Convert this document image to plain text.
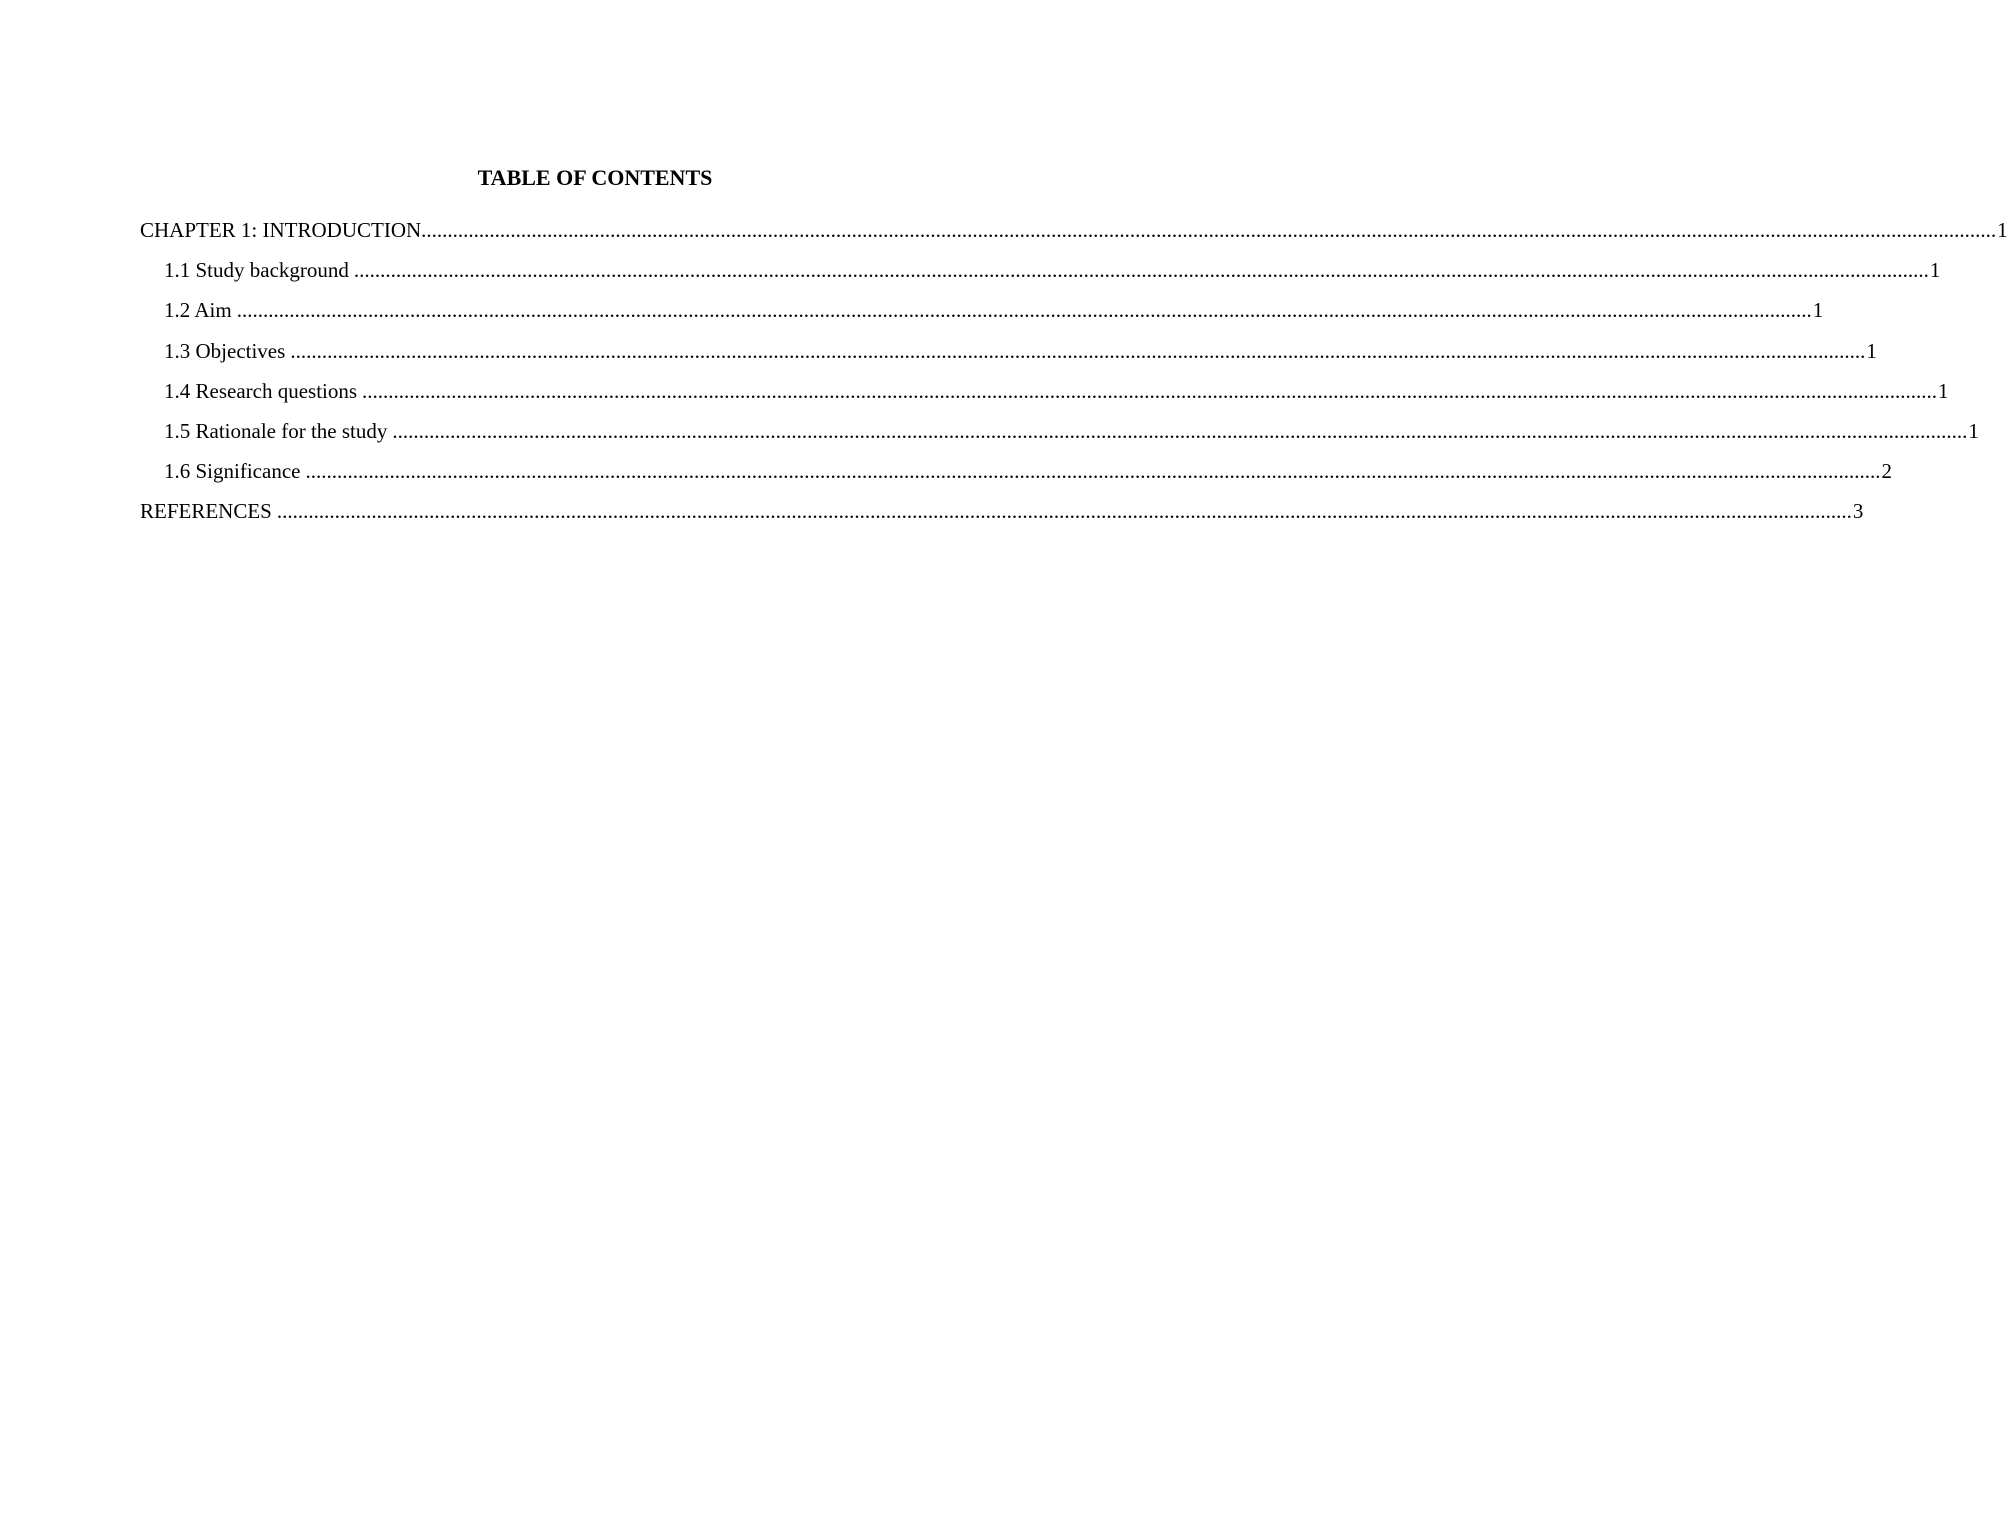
TABLE OF CONTENTS
CHAPTER 1: INTRODUCTION ............................................................................................................................................................................................................................................................................................................ 1
1.1 Study background ............................................................................................................................................................................................................................................................................................................ 1
1.2 Aim ............................................................................................................................................................................................................................................................................................................ 1
1.3 Objectives ............................................................................................................................................................................................................................................................................................................ 1
1.4 Research questions ............................................................................................................................................................................................................................................................................................................ 1
1.5 Rationale for the study ............................................................................................................................................................................................................................................................................................................ 1
1.6 Significance ............................................................................................................................................................................................................................................................................................................ 2
REFERENCES ............................................................................................................................................................................................................................................................................................................ 3
